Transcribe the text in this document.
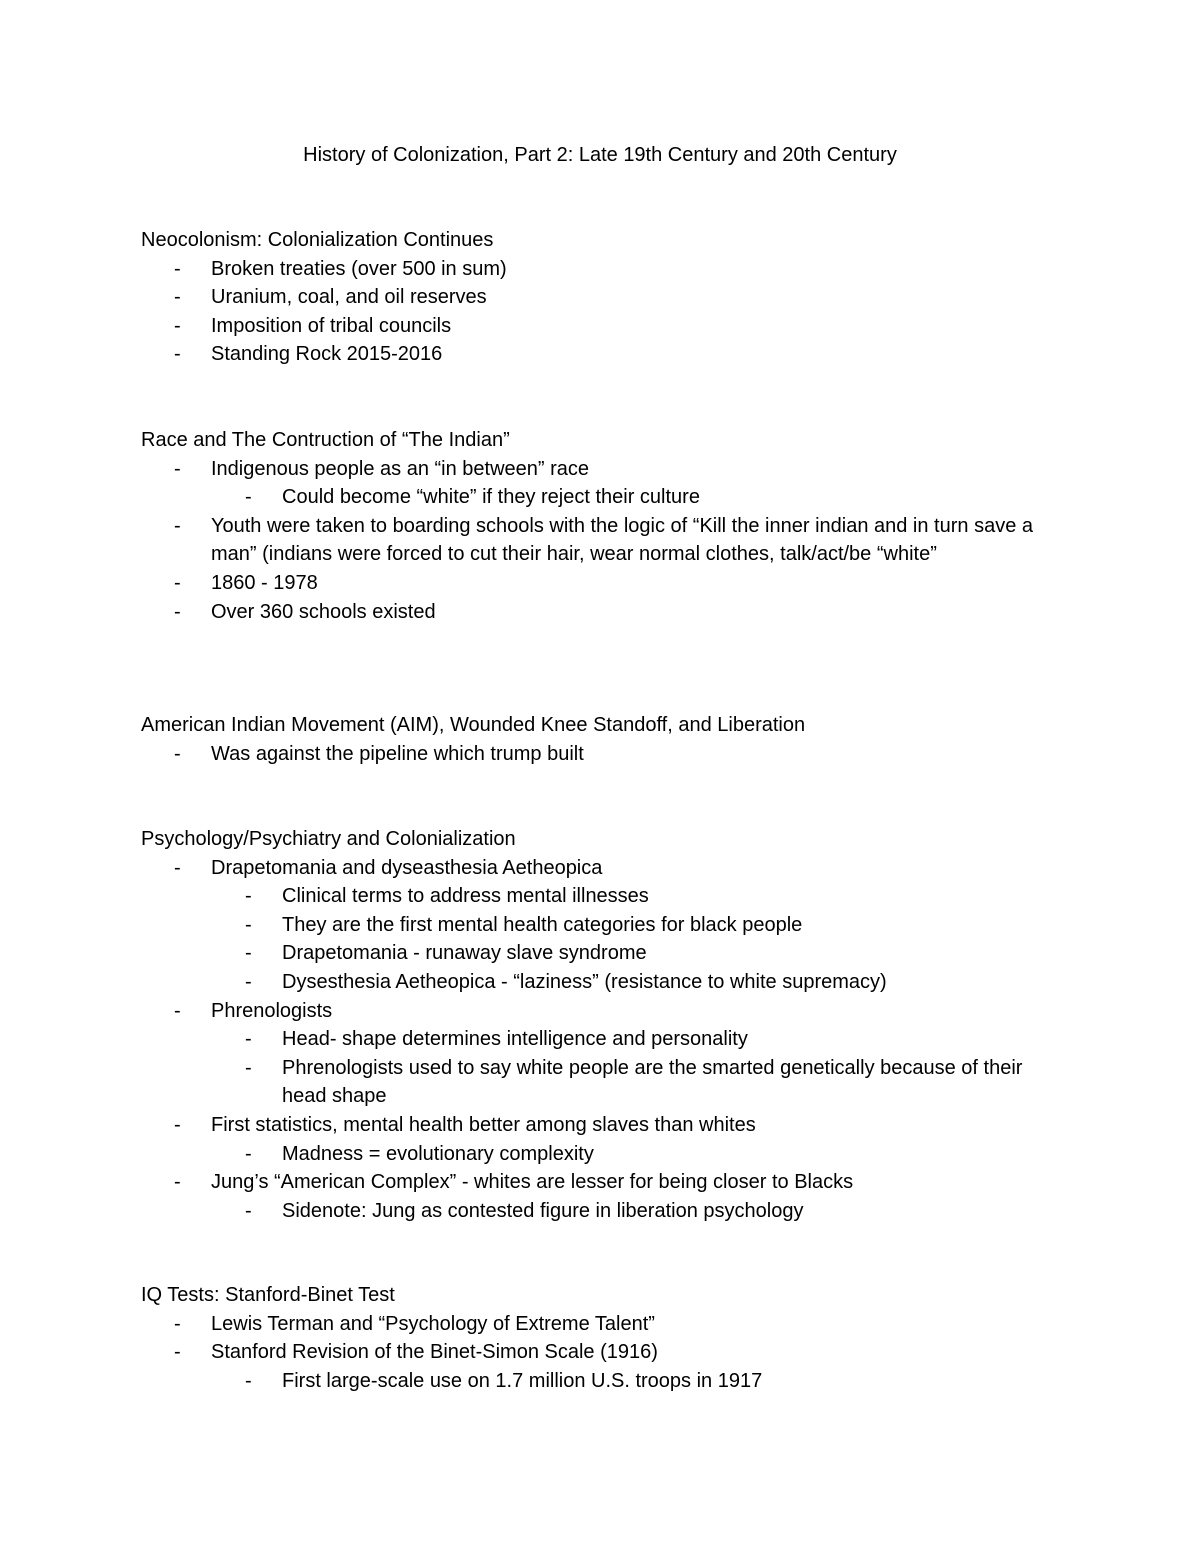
History of Colonization, Part 2: Late 19th Century and 20th Century

Neocolonism: Colonialization Continues

- Broken treaties (over 500 in sum)
- Uranium, coal, and oil reserves
- Imposition of tribal councils
- Standing Rock 2015-2016

Race and The Contruction of “The Indian”

- Indigenous people as an “in between” race
- Could become “white” if they reject their culture
- Youth were taken to boarding schools with the logic of “Kill the inner indian and in turn save a man” (indians were forced to cut their hair, wear normal clothes, talk/act/be “white”
- 1860 - 1978
- Over 360 schools existed

American Indian Movement (AIM), Wounded Knee Standoff, and Liberation

- Was against the pipeline which trump built

Psychology/Psychiatry and Colonialization

- Drapetomania and dyseasthesia Aetheopica
- Clinical terms to address mental illnesses
- They are the first mental health categories for black people
- Drapetomania - runaway slave syndrome
- Dysesthesia Aetheopica - “laziness” (resistance to white supremacy)
- Phrenologists
- Head- shape determines intelligence and personality
- Phrenologists used to say white people are the smarted genetically because of their head shape
- First statistics, mental health better among slaves than whites
- Madness = evolutionary complexity
- Jung’s “American Complex” - whites are lesser for being closer to Blacks
- Sidenote: Jung as contested figure in liberation psychology

IQ Tests: Stanford-Binet Test

- Lewis Terman and “Psychology of Extreme Talent”
- Stanford Revision of the Binet-Simon Scale (1916)
- First large-scale use on 1.7 million U.S. troops in 1917
